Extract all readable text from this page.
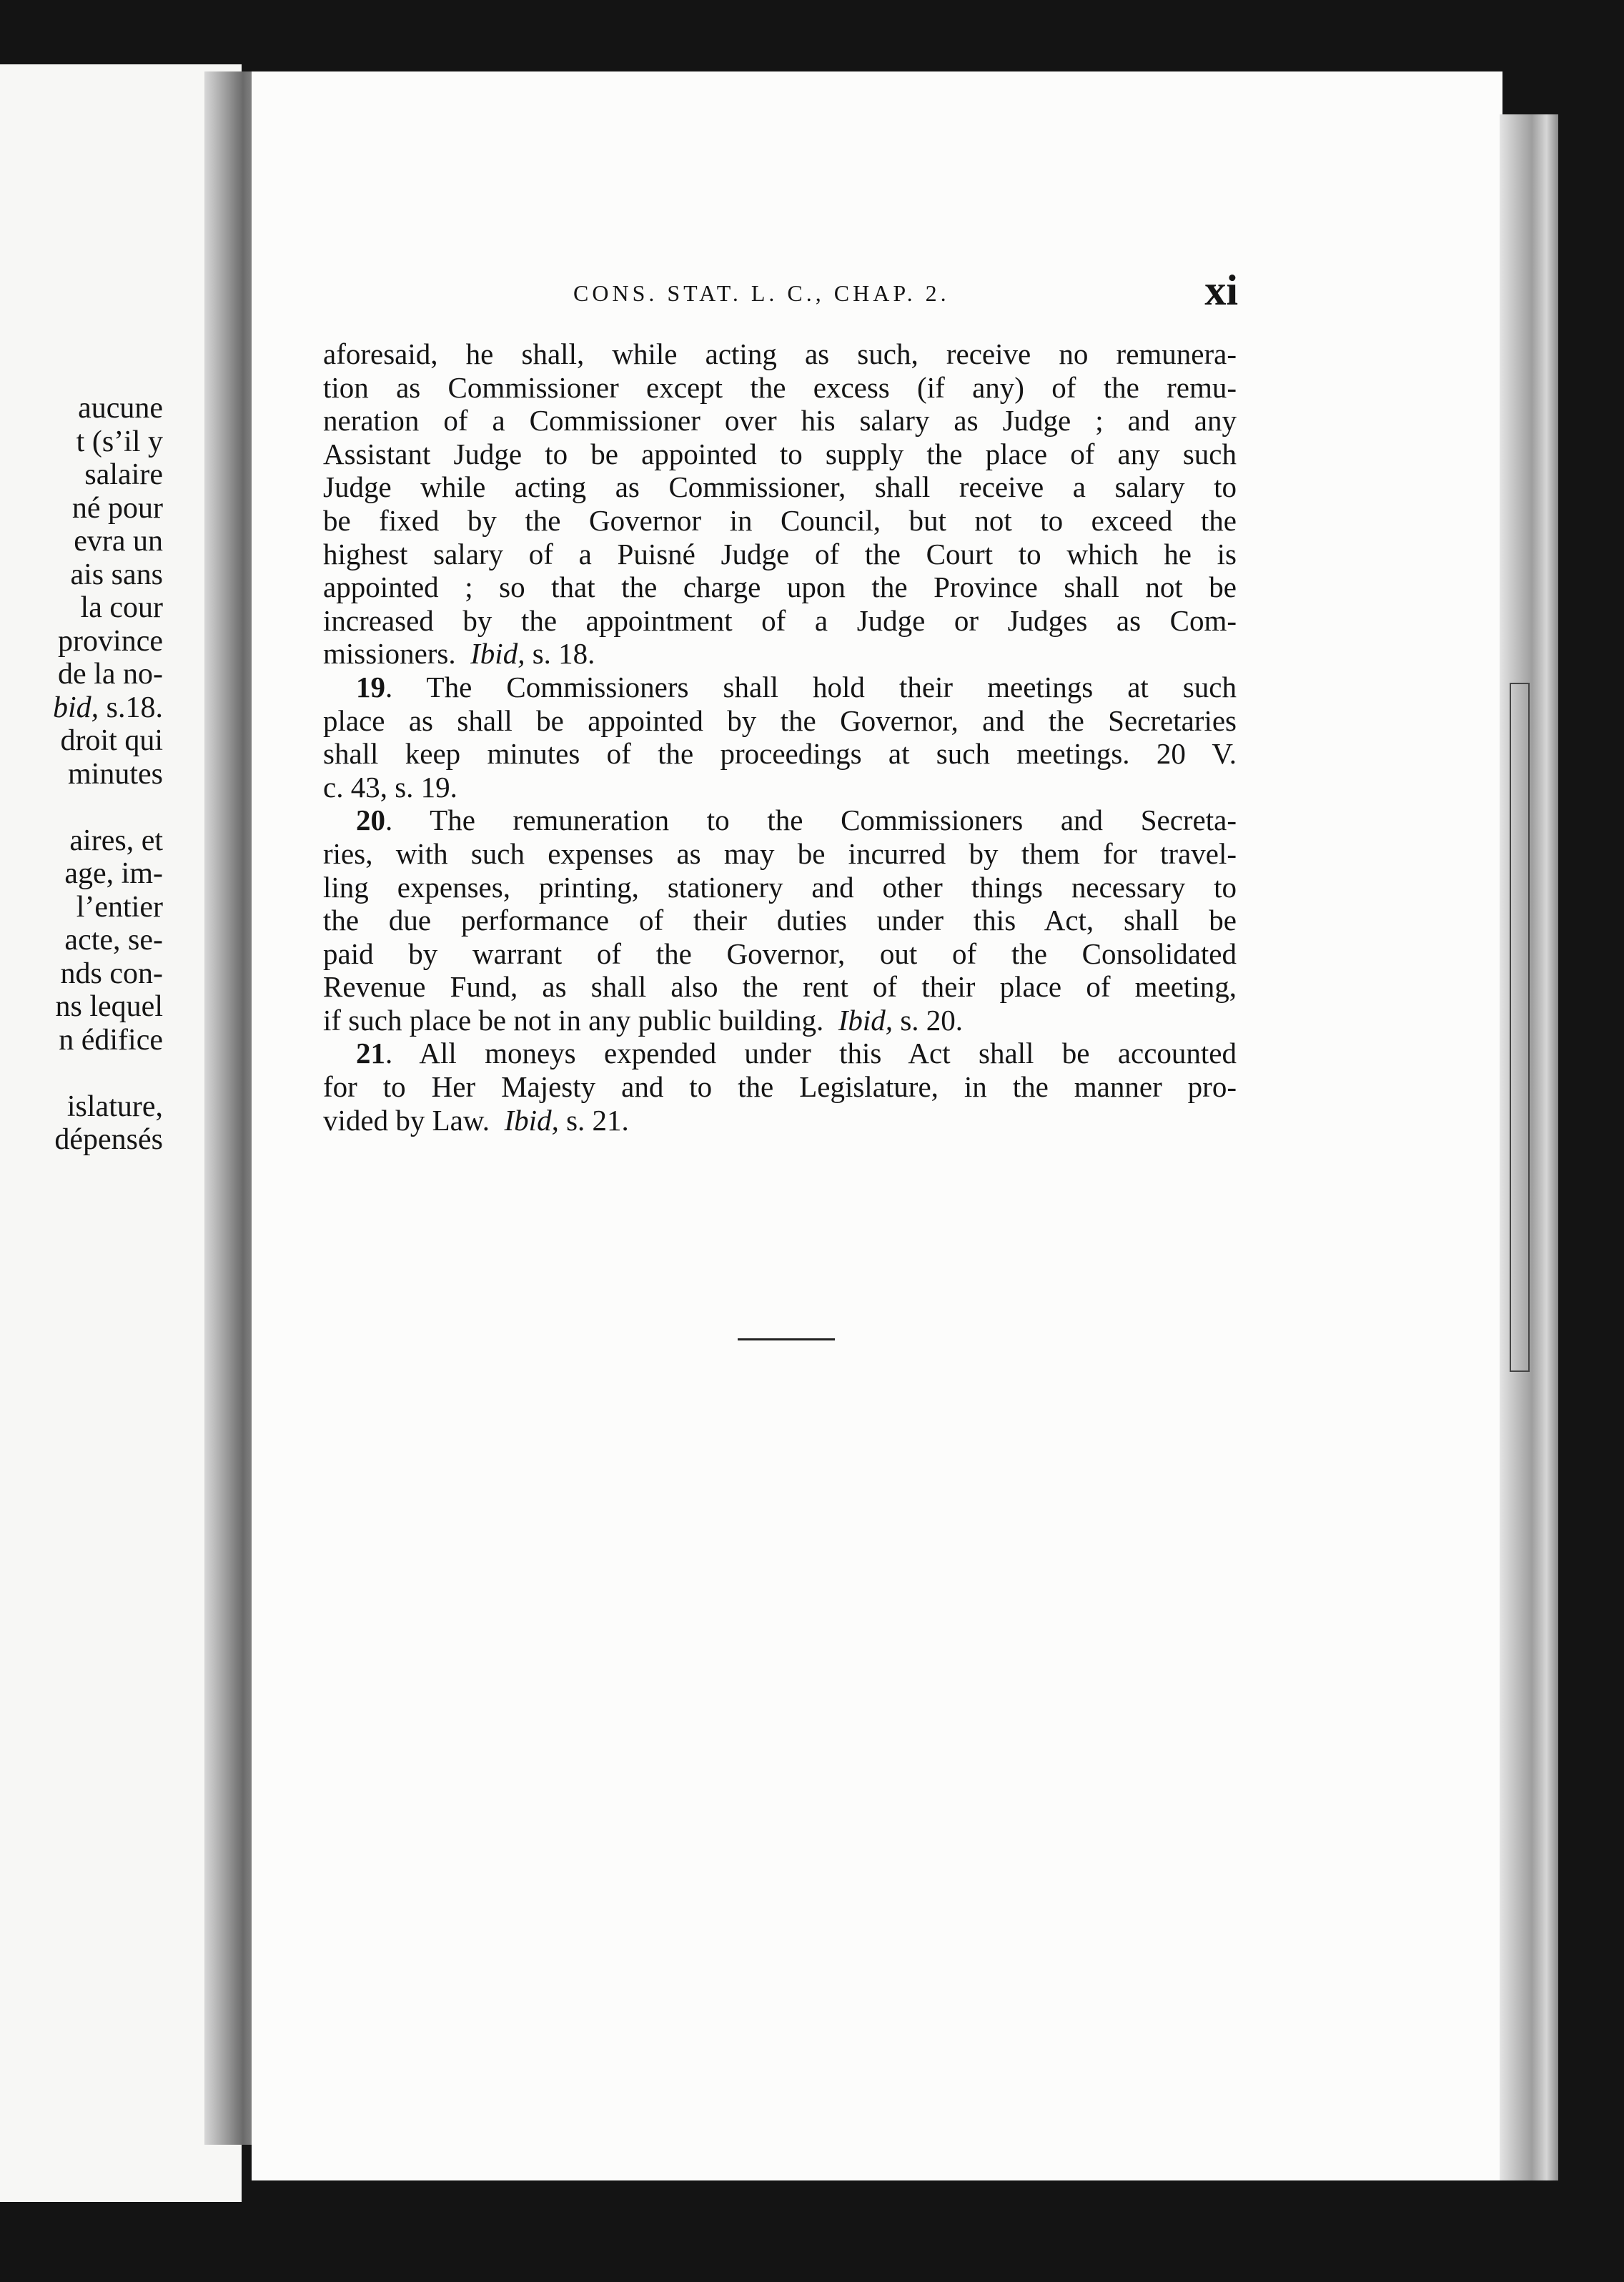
aucune
t (s’il y
salaire
né pour
evra un
ais sans
la cour
province
de la no-
bid, s.18.
droit qui
minutes
aires, et
age, im-
l’entier
acte, se-
nds con-
ns lequel
n édifice
islature,
dépensés
CONS. STAT. L. C., CHAP. 2.	xi
aforesaid, he shall, while acting as such, receive no remunera-
tion as Commissioner except the excess (if any) of the remu-
neration of a Commissioner over his salary as Judge ; and any
Assistant Judge to be appointed to supply the place of any such
Judge while acting as Commissioner, shall receive a salary to
be fixed by the Governor in Council, but not to exceed the
highest salary of a Puisné Judge of the Court to which he is
appointed ; so that the charge upon the Province shall not be
increased by the appointment of a Judge or Judges as Com-
missioners. Ibid, s. 18.
19. The Commissioners shall hold their meetings at such
place as shall be appointed by the Governor, and the Secretaries
shall keep minutes of the proceedings at such meetings. 20 V.
c. 43, s. 19.
20. The remuneration to the Commissioners and Secreta-
ries, with such expenses as may be incurred by them for travel-
ling expenses, printing, stationery and other things necessary to
the due performance of their duties under this Act, shall be
paid by warrant of the Governor, out of the Consolidated
Revenue Fund, as shall also the rent of their place of meeting,
if such place be not in any public building. Ibid, s. 20.
21. All moneys expended under this Act shall be accounted
for to Her Majesty and to the Legislature, in the manner pro-
vided by Law.  Ibid, s. 21.
